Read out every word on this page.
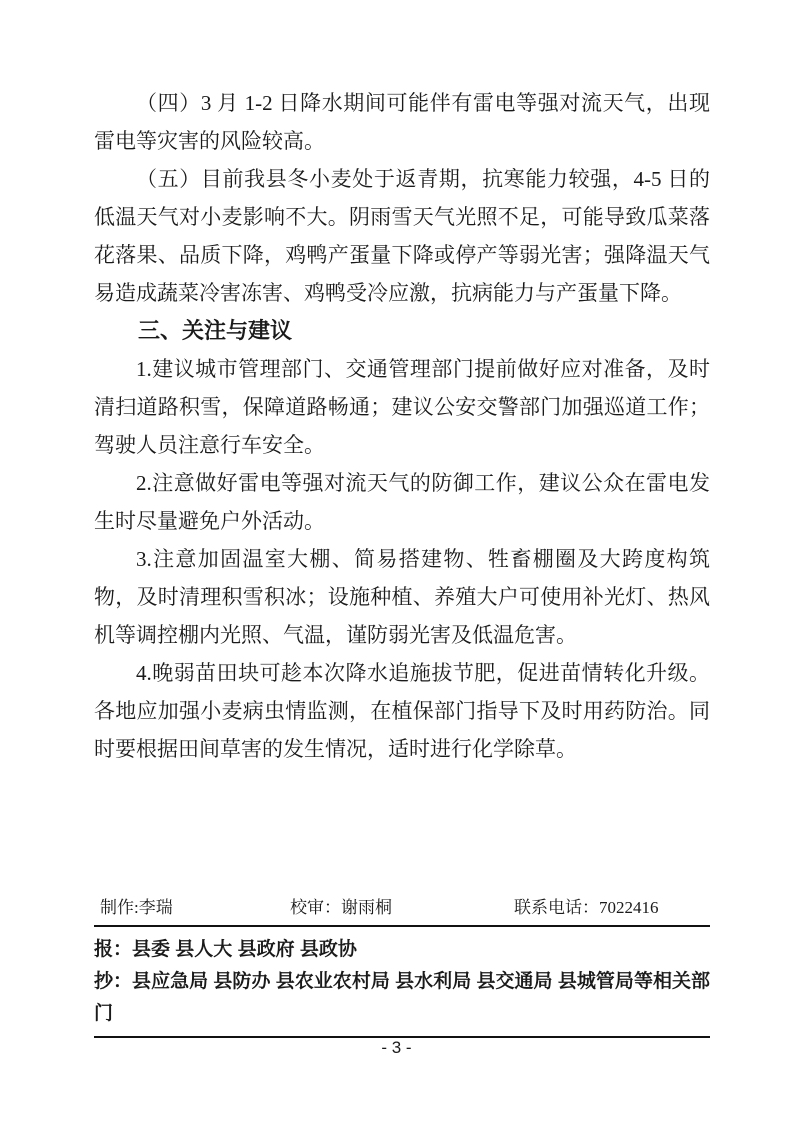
（四）3 月 1-2 日降水期间可能伴有雷电等强对流天气，出现雷电等灾害的风险较高。

（五）目前我县冬小麦处于返青期，抗寒能力较强，4-5 日的低温天气对小麦影响不大。阴雨雪天气光照不足，可能导致瓜菜落花落果、品质下降，鸡鸭产蛋量下降或停产等弱光害；强降温天气易造成蔬菜冷害冻害、鸡鸭受冷应激，抗病能力与产蛋量下降。

三、关注与建议

1.建议城市管理部门、交通管理部门提前做好应对准备，及时清扫道路积雪，保障道路畅通；建议公安交警部门加强巡道工作；驾驶人员注意行车安全。

2.注意做好雷电等强对流天气的防御工作，建议公众在雷电发生时尽量避免户外活动。

3.注意加固温室大棚、简易搭建物、牲畜棚圈及大跨度构筑物，及时清理积雪积冰；设施种植、养殖大户可使用补光灯、热风机等调控棚内光照、气温，谨防弱光害及低温危害。

4.晚弱苗田块可趁本次降水追施拔节肥，促进苗情转化升级。各地应加强小麦病虫情监测，在植保部门指导下及时用药防治。同时要根据田间草害的发生情况，适时进行化学除草。

制作:李瑞	校审：谢雨桐	联系电话：7022416

报：县委 县人大 县政府 县政协

抄：县应急局 县防办 县农业农村局 县水利局 县交通局 县城管局等相关部门

- 3 -
